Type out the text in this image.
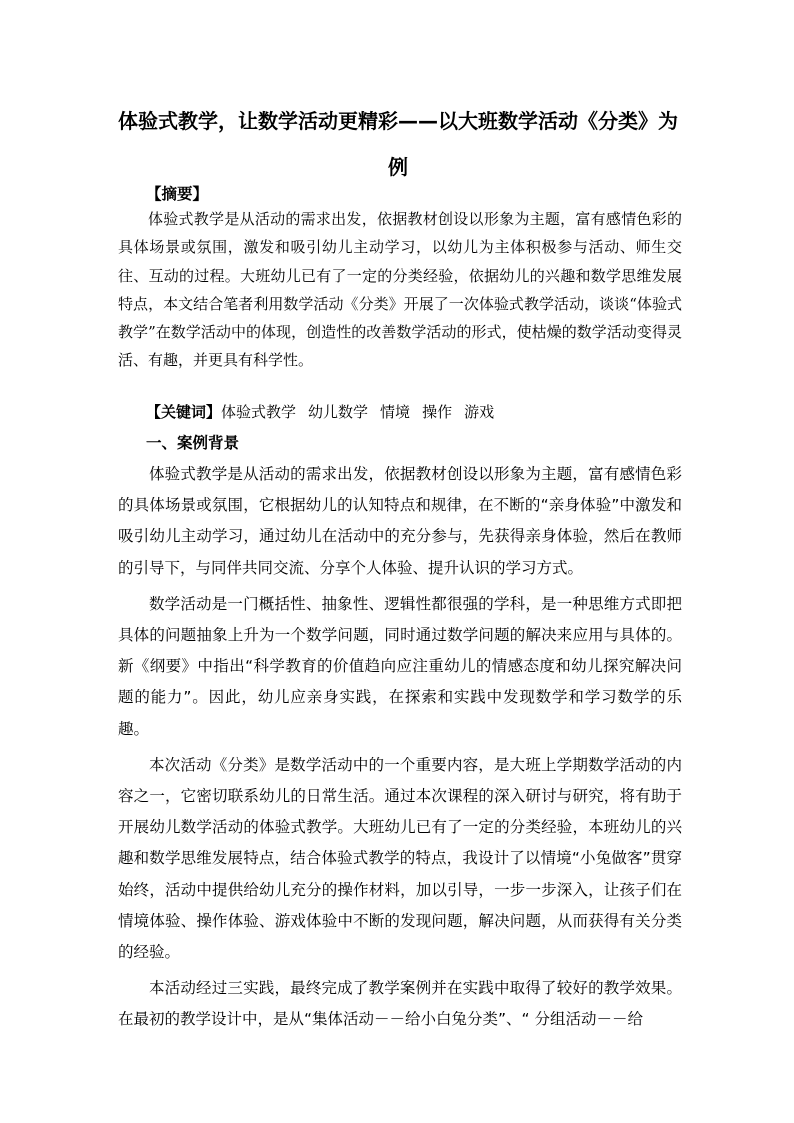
体验式教学，让数学活动更精彩——以大班数学活动《分类》为例
【摘要】
体验式教学是从活动的需求出发，依据教材创设以形象为主题，富有感情色彩的具体场景或氛围，激发和吸引幼儿主动学习，以幼儿为主体积极参与活动、师生交往、互动的过程。大班幼儿已有了一定的分类经验，依据幼儿的兴趣和数学思维发展特点，本文结合笔者利用数学活动《分类》开展了一次体验式教学活动，谈谈“体验式教学”在数学活动中的体现，创造性的改善数学活动的形式，使枯燥的数学活动变得灵活、有趣，并更具有科学性。
【关键词】体验式教学 幼儿数学 情境 操作 游戏
一、案例背景

体验式教学是从活动的需求出发，依据教材创设以形象为主题，富有感情色彩的具体场景或氛围，它根据幼儿的认知特点和规律，在不断的“亲身体验”中激发和吸引幼儿主动学习，通过幼儿在活动中的充分参与，先获得亲身体验，然后在教师的引导下，与同伴共同交流、分享个人体验、提升认识的学习方式。

数学活动是一门概括性、抽象性、逻辑性都很强的学科，是一种思维方式即把具体的问题抽象上升为一个数学问题，同时通过数学问题的解决来应用与具体的。新《纲要》中指出“科学教育的价值趋向应注重幼儿的情感态度和幼儿探究解决问题的能力”。因此，幼儿应亲身实践，在探索和实践中发现数学和学习数学的乐趣。

本次活动《分类》是数学活动中的一个重要内容，是大班上学期数学活动的内容之一，它密切联系幼儿的日常生活。通过本次课程的深入研讨与研究，将有助于开展幼儿数学活动的体验式教学。大班幼儿已有了一定的分类经验，本班幼儿的兴趣和数学思维发展特点，结合体验式教学的特点，我设计了以情境“小兔做客”贯穿始终，活动中提供给幼儿充分的操作材料，加以引导，一步一步深入，让孩子们在情境体验、操作体验、游戏体验中不断的发现问题，解决问题，从而获得有关分类的经验。

本活动经过三实践，最终完成了教学案例并在实践中取得了较好的教学效果。在最初的教学设计中，是从“集体活动－－给小白兔分类”、“ 分组活动－－给
